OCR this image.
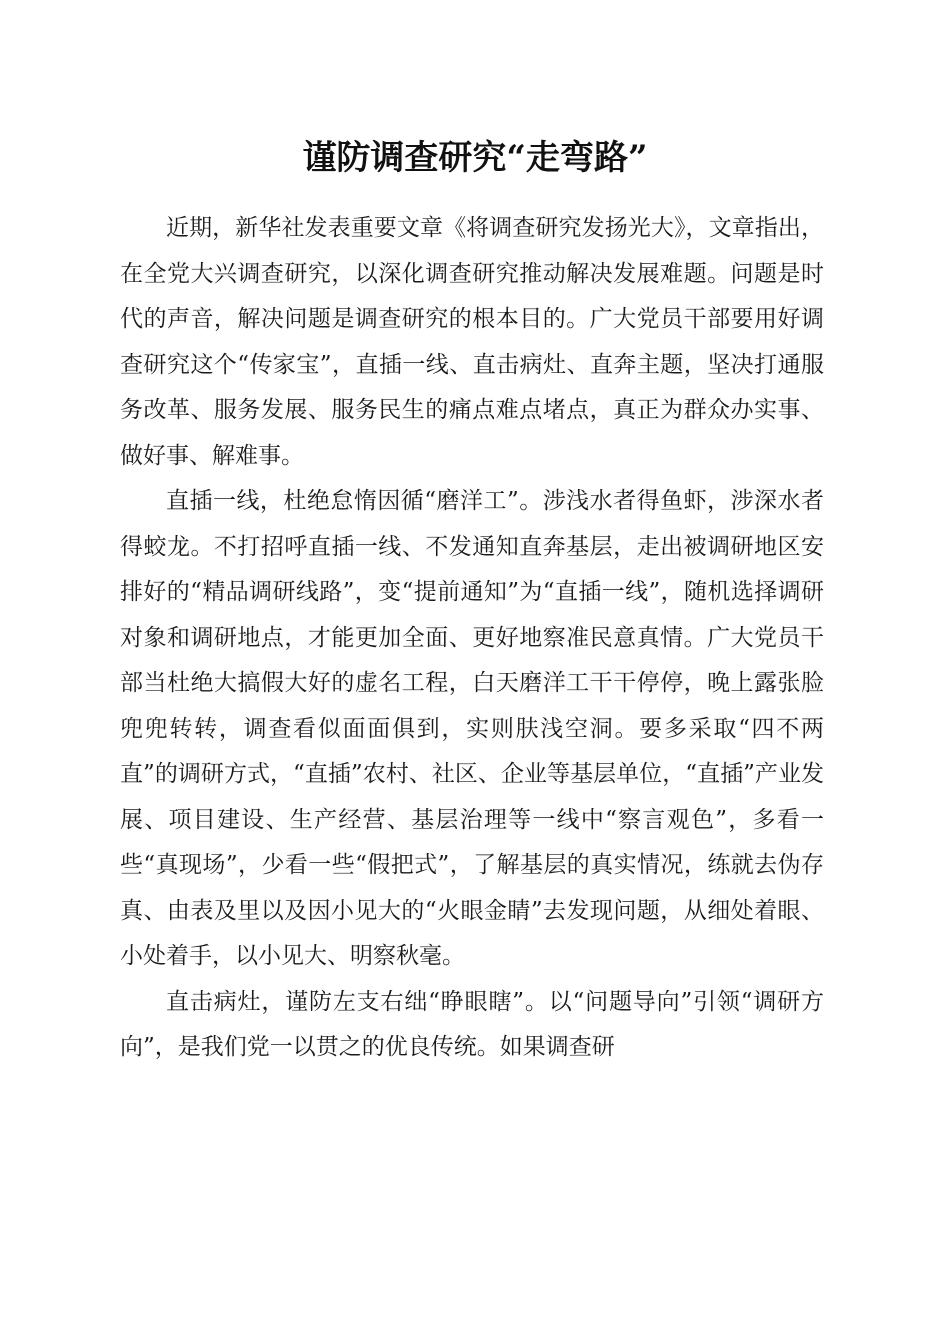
谨防调查研究“走弯路”

近期，新华社发表重要文章《将调查研究发扬光大》，文章指出，在全党大兴调查研究，以深化调查研究推动解决发展难题。问题是时代的声音，解决问题是调查研究的根本目的。广大党员干部要用好调查研究这个“传家宝”，直插一线、直击病灶、直奔主题，坚决打通服务改革、服务发展、服务民生的痛点难点堵点，真正为群众办实事、做好事、解难事。

直插一线，杜绝怠惰因循“磨洋工”。涉浅水者得鱼虾，涉深水者得蛟龙。不打招呼直插一线、不发通知直奔基层，走出被调研地区安排好的“精品调研线路”，变“提前通知”为“直插一线”，随机选择调研对象和调研地点，才能更加全面、更好地察准民意真情。广大党员干部当杜绝大搞假大好的虚名工程，白天磨洋工干干停停，晚上露张脸兜兜转转，调查看似面面俱到，实则肤浅空洞。要多采取“四不两直”的调研方式，“直插”农村、社区、企业等基层单位，“直插”产业发展、项目建设、生产经营、基层治理等一线中“察言观色”，多看一些“真现场”，少看一些“假把式”，了解基层的真实情况，练就去伪存真、由表及里以及因小见大的“火眼金睛”去发现问题，从细处着眼、小处着手，以小见大、明察秋毫。

直击病灶，谨防左支右绌“睁眼瞎”。以“问题导向”引领“调研方向”，是我们党一以贯之的优良传统。如果调查研
